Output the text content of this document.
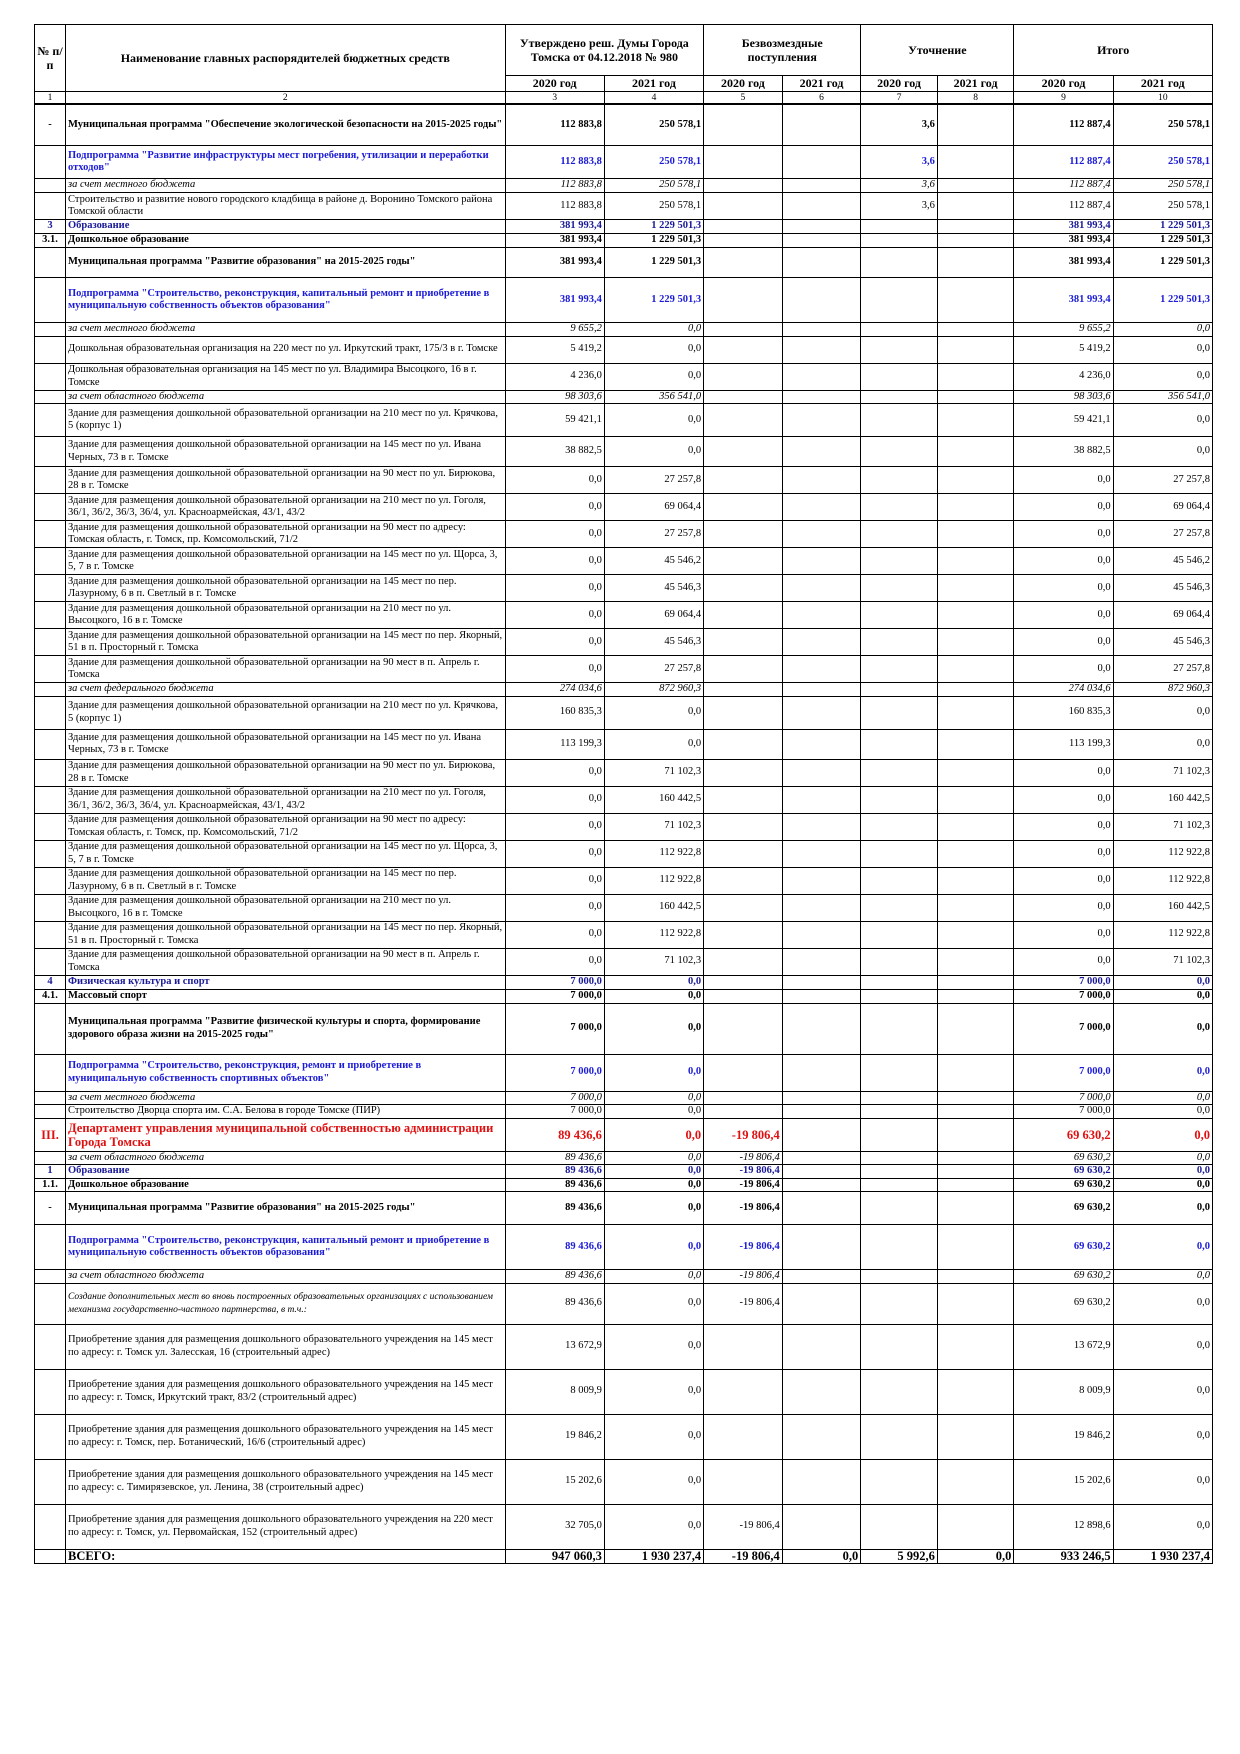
№ п/п	Наименование главных распорядителей бюджетных средств	Утверждено реш. Думы Города Томска от 04.12.2018 № 980		Безвозмездные поступления		Уточнение		Итого	
		2020 год	2021 год	2020 год	2021 год	2020 год	2021 год	2020 год	2021 год
1	2	3	4	5	6	7	8	9	10
-	Муниципальная программа "Обеспечение экологической безопасности на 2015-2025 годы"	112 883,8	250 578,1			3,6		112 887,4	250 578,1
	Подпрограмма "Развитие инфраструктуры мест погребения, утилизации и переработки отходов"	112 883,8	250 578,1			3,6		112 887,4	250 578,1
	за счет местного бюджета	112 883,8	250 578,1			3,6		112 887,4	250 578,1
	Строительство и развитие нового городского кладбища в районе д. Воронино Томского района Томской области	112 883,8	250 578,1			3,6		112 887,4	250 578,1
3	Образование	381 993,4	1 229 501,3					381 993,4	1 229 501,3
3.1.	Дошкольное образование	381 993,4	1 229 501,3					381 993,4	1 229 501,3
	Муниципальная программа "Развитие образования" на 2015-2025 годы"	381 993,4	1 229 501,3					381 993,4	1 229 501,3
	Подпрограмма "Строительство, реконструкция, капитальный ремонт и приобретение в муниципальную собственность объектов образования"	381 993,4	1 229 501,3					381 993,4	1 229 501,3
	за счет местного бюджета	9 655,2	0,0					9 655,2	0,0
	Дошкольная образовательная организация на 220 мест по ул. Иркутский тракт, 175/3 в г. Томске	5 419,2	0,0					5 419,2	0,0
	Дошкольная образовательная организация на 145 мест по ул. Владимира Высоцкого, 16 в г. Томске	4 236,0	0,0					4 236,0	0,0
	за счет областного бюджета	98 303,6	356 541,0					98 303,6	356 541,0
	Здание для размещения дошкольной образовательной организации на 210 мест по ул. Крячкова, 5 (корпус 1)	59 421,1	0,0					59 421,1	0,0
	Здание для размещения дошкольной образовательной организации на 145 мест по ул. Ивана Черных, 73 в г. Томске	38 882,5	0,0					38 882,5	0,0
	Здание для размещения дошкольной образовательной организации на 90 мест по ул. Бирюкова, 28 в г. Томске	0,0	27 257,8					0,0	27 257,8
	Здание для размещения дошкольной образовательной организации на 210 мест по ул. Гоголя, 36/1, 36/2, 36/3, 36/4, ул. Красноармейская, 43/1, 43/2	0,0	69 064,4					0,0	69 064,4
	Здание для размещения дошкольной образовательной организации на 90 мест по адресу: Томская область, г. Томск, пр. Комсомольский, 71/2	0,0	27 257,8					0,0	27 257,8
	Здание для размещения дошкольной образовательной организации на 145 мест по ул. Щорса, 3, 5, 7 в г. Томске	0,0	45 546,2					0,0	45 546,2
	Здание для размещения дошкольной образовательной организации на 145 мест по пер. Лазурному, 6 в п. Светлый в г. Томске	0,0	45 546,3					0,0	45 546,3
	Здание для размещения дошкольной образовательной организации на 210 мест по ул. Высоцкого, 16 в г. Томске	0,0	69 064,4					0,0	69 064,4
	Здание для размещения дошкольной образовательной организации на 145 мест по пер. Якорный, 51 в п. Просторный г. Томска	0,0	45 546,3					0,0	45 546,3
	Здание для размещения дошкольной образовательной организации на 90 мест в п. Апрель г. Томска	0,0	27 257,8					0,0	27 257,8
	за счет федерального бюджета	274 034,6	872 960,3					274 034,6	872 960,3
	Здание для размещения дошкольной образовательной организации на 210 мест по ул. Крячкова, 5 (корпус 1)	160 835,3	0,0					160 835,3	0,0
	Здание для размещения дошкольной образовательной организации на 145 мест по ул. Ивана Черных, 73 в г. Томске	113 199,3	0,0					113 199,3	0,0
	Здание для размещения дошкольной образовательной организации на 90 мест по ул. Бирюкова, 28 в г. Томске	0,0	71 102,3					0,0	71 102,3
	Здание для размещения дошкольной образовательной организации на 210 мест по ул. Гоголя, 36/1, 36/2, 36/3, 36/4, ул. Красноармейская, 43/1, 43/2	0,0	160 442,5					0,0	160 442,5
	Здание для размещения дошкольной образовательной организации на 90 мест по адресу: Томская область, г. Томск, пр. Комсомольский, 71/2	0,0	71 102,3					0,0	71 102,3
	Здание для размещения дошкольной образовательной организации на 145 мест по ул. Щорса, 3, 5, 7 в г. Томске	0,0	112 922,8					0,0	112 922,8
	Здание для размещения дошкольной образовательной организации на 145 мест по пер. Лазурному, 6 в п. Светлый в г. Томске	0,0	112 922,8					0,0	112 922,8
	Здание для размещения дошкольной образовательной организации на 210 мест по ул. Высоцкого, 16 в г. Томске	0,0	160 442,5					0,0	160 442,5
	Здание для размещения дошкольной образовательной организации на 145 мест по пер. Якорный, 51 в п. Просторный г. Томска	0,0	112 922,8					0,0	112 922,8
	Здание для размещения дошкольной образовательной организации на 90 мест в п. Апрель г. Томска	0,0	71 102,3					0,0	71 102,3
4	Физическая культура и спорт	7 000,0	0,0					7 000,0	0,0
4.1.	Массовый спорт	7 000,0	0,0					7 000,0	0,0
	Муниципальная программа "Развитие физической культуры и спорта, формирование здорового образа жизни на 2015-2025 годы"	7 000,0	0,0					7 000,0	0,0
	Подпрограмма "Строительство, реконструкция, ремонт и приобретение в муниципальную собственность спортивных объектов"	7 000,0	0,0					7 000,0	0,0
	за счет местного бюджета	7 000,0	0,0					7 000,0	0,0
	Строительство Дворца спорта им. С.А. Белова в городе Томске (ПИР)	7 000,0	0,0					7 000,0	0,0
III.	Департамент управления муниципальной собственностью администрации Города Томска	89 436,6	0,0	-19 806,4				69 630,2	0,0
	за счет областного бюджета	89 436,6	0,0	-19 806,4				69 630,2	0,0
1	Образование	89 436,6	0,0	-19 806,4				69 630,2	0,0
1.1.	Дошкольное образование	89 436,6	0,0	-19 806,4				69 630,2	0,0
-	Муниципальная программа "Развитие образования" на 2015-2025 годы"	89 436,6	0,0	-19 806,4				69 630,2	0,0
	Подпрограмма "Строительство, реконструкция, капитальный ремонт и приобретение в муниципальную собственность объектов образования"	89 436,6	0,0	-19 806,4				69 630,2	0,0
	за счет областного бюджета	89 436,6	0,0	-19 806,4				69 630,2	0,0
	Создание дополнительных мест во вновь построенных образовательных организациях с использованием механизма государственно-частного партнерства, в т.ч.:	89 436,6	0,0	-19 806,4				69 630,2	0,0
	Приобретение здания для размещения дошкольного образовательного учреждения на 145 мест по адресу: г. Томск ул. Залесская, 16 (строительный адрес)	13 672,9	0,0					13 672,9	0,0
	Приобретение здания для размещения дошкольного образовательного учреждения на 145 мест по адресу: г. Томск, Иркутский тракт, 83/2 (строительный адрес)	8 009,9	0,0					8 009,9	0,0
	Приобретение здания для размещения дошкольного образовательного учреждения на 145 мест по адресу: г. Томск, пер. Ботанический, 16/6 (строительный адрес)	19 846,2	0,0					19 846,2	0,0
	Приобретение здания для размещения дошкольного образовательного учреждения на 145 мест по адресу: с. Тимирязевское, ул. Ленина, 38 (строительный адрес)	15 202,6	0,0					15 202,6	0,0
	Приобретение здания для размещения дошкольного образовательного учреждения на 220 мест по адресу: г. Томск, ул. Первомайская, 152 (строительный адрес)	32 705,0	0,0	-19 806,4				12 898,6	0,0
	ВСЕГО:	947 060,3	1 930 237,4	-19 806,4	0,0	5 992,6	0,0	933 246,5	1 930 237,4
